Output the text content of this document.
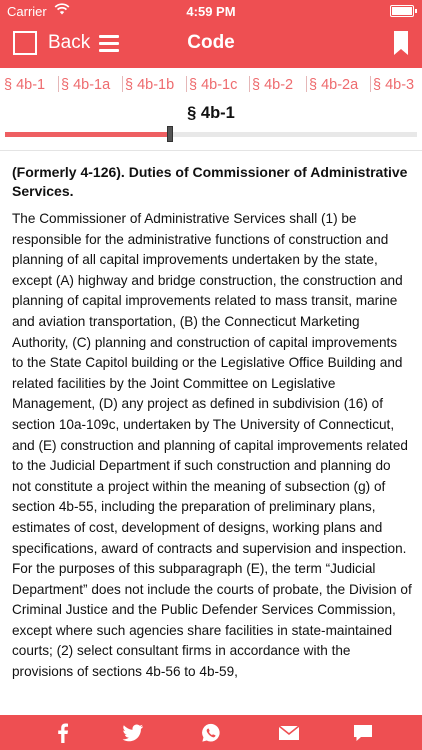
Carrier	4:59 PM
Back	Code
§ 4b-1 § 4b-1a § 4b-1b § 4b-1c § 4b-2 § 4b-2a § 4b-3
§ 4b-1

(Formerly 4-126). Duties of Commissioner of Administrative Services.

The Commissioner of Administrative Services shall (1) be responsible for the administrative functions of construction and planning of all capital improvements undertaken by the state, except (A) highway and bridge construction, the construction and planning of capital improvements related to mass transit, marine and aviation transportation, (B) the Connecticut Marketing Authority, (C) planning and construction of capital improvements to the State Capitol building or the Legislative Office Building and related facilities by the Joint Committee on Legislative Management, (D) any project as defined in subdivision (16) of section 10a-109c, undertaken by The University of Connecticut, and (E) construction and planning of capital improvements related to the Judicial Department if such construction and planning do not constitute a project within the meaning of subsection (g) of section 4b-55, including the preparation of preliminary plans, estimates of cost, development of designs, working plans and specifications, award of contracts and supervision and inspection. For the purposes of this subparagraph (E), the term “Judicial Department” does not include the courts of probate, the Division of Criminal Justice and the Public Defender Services Commission, except where such agencies share facilities in state-maintained courts; (2) select consultant firms in accordance with the provisions of sections 4b-56 to 4b-59,
